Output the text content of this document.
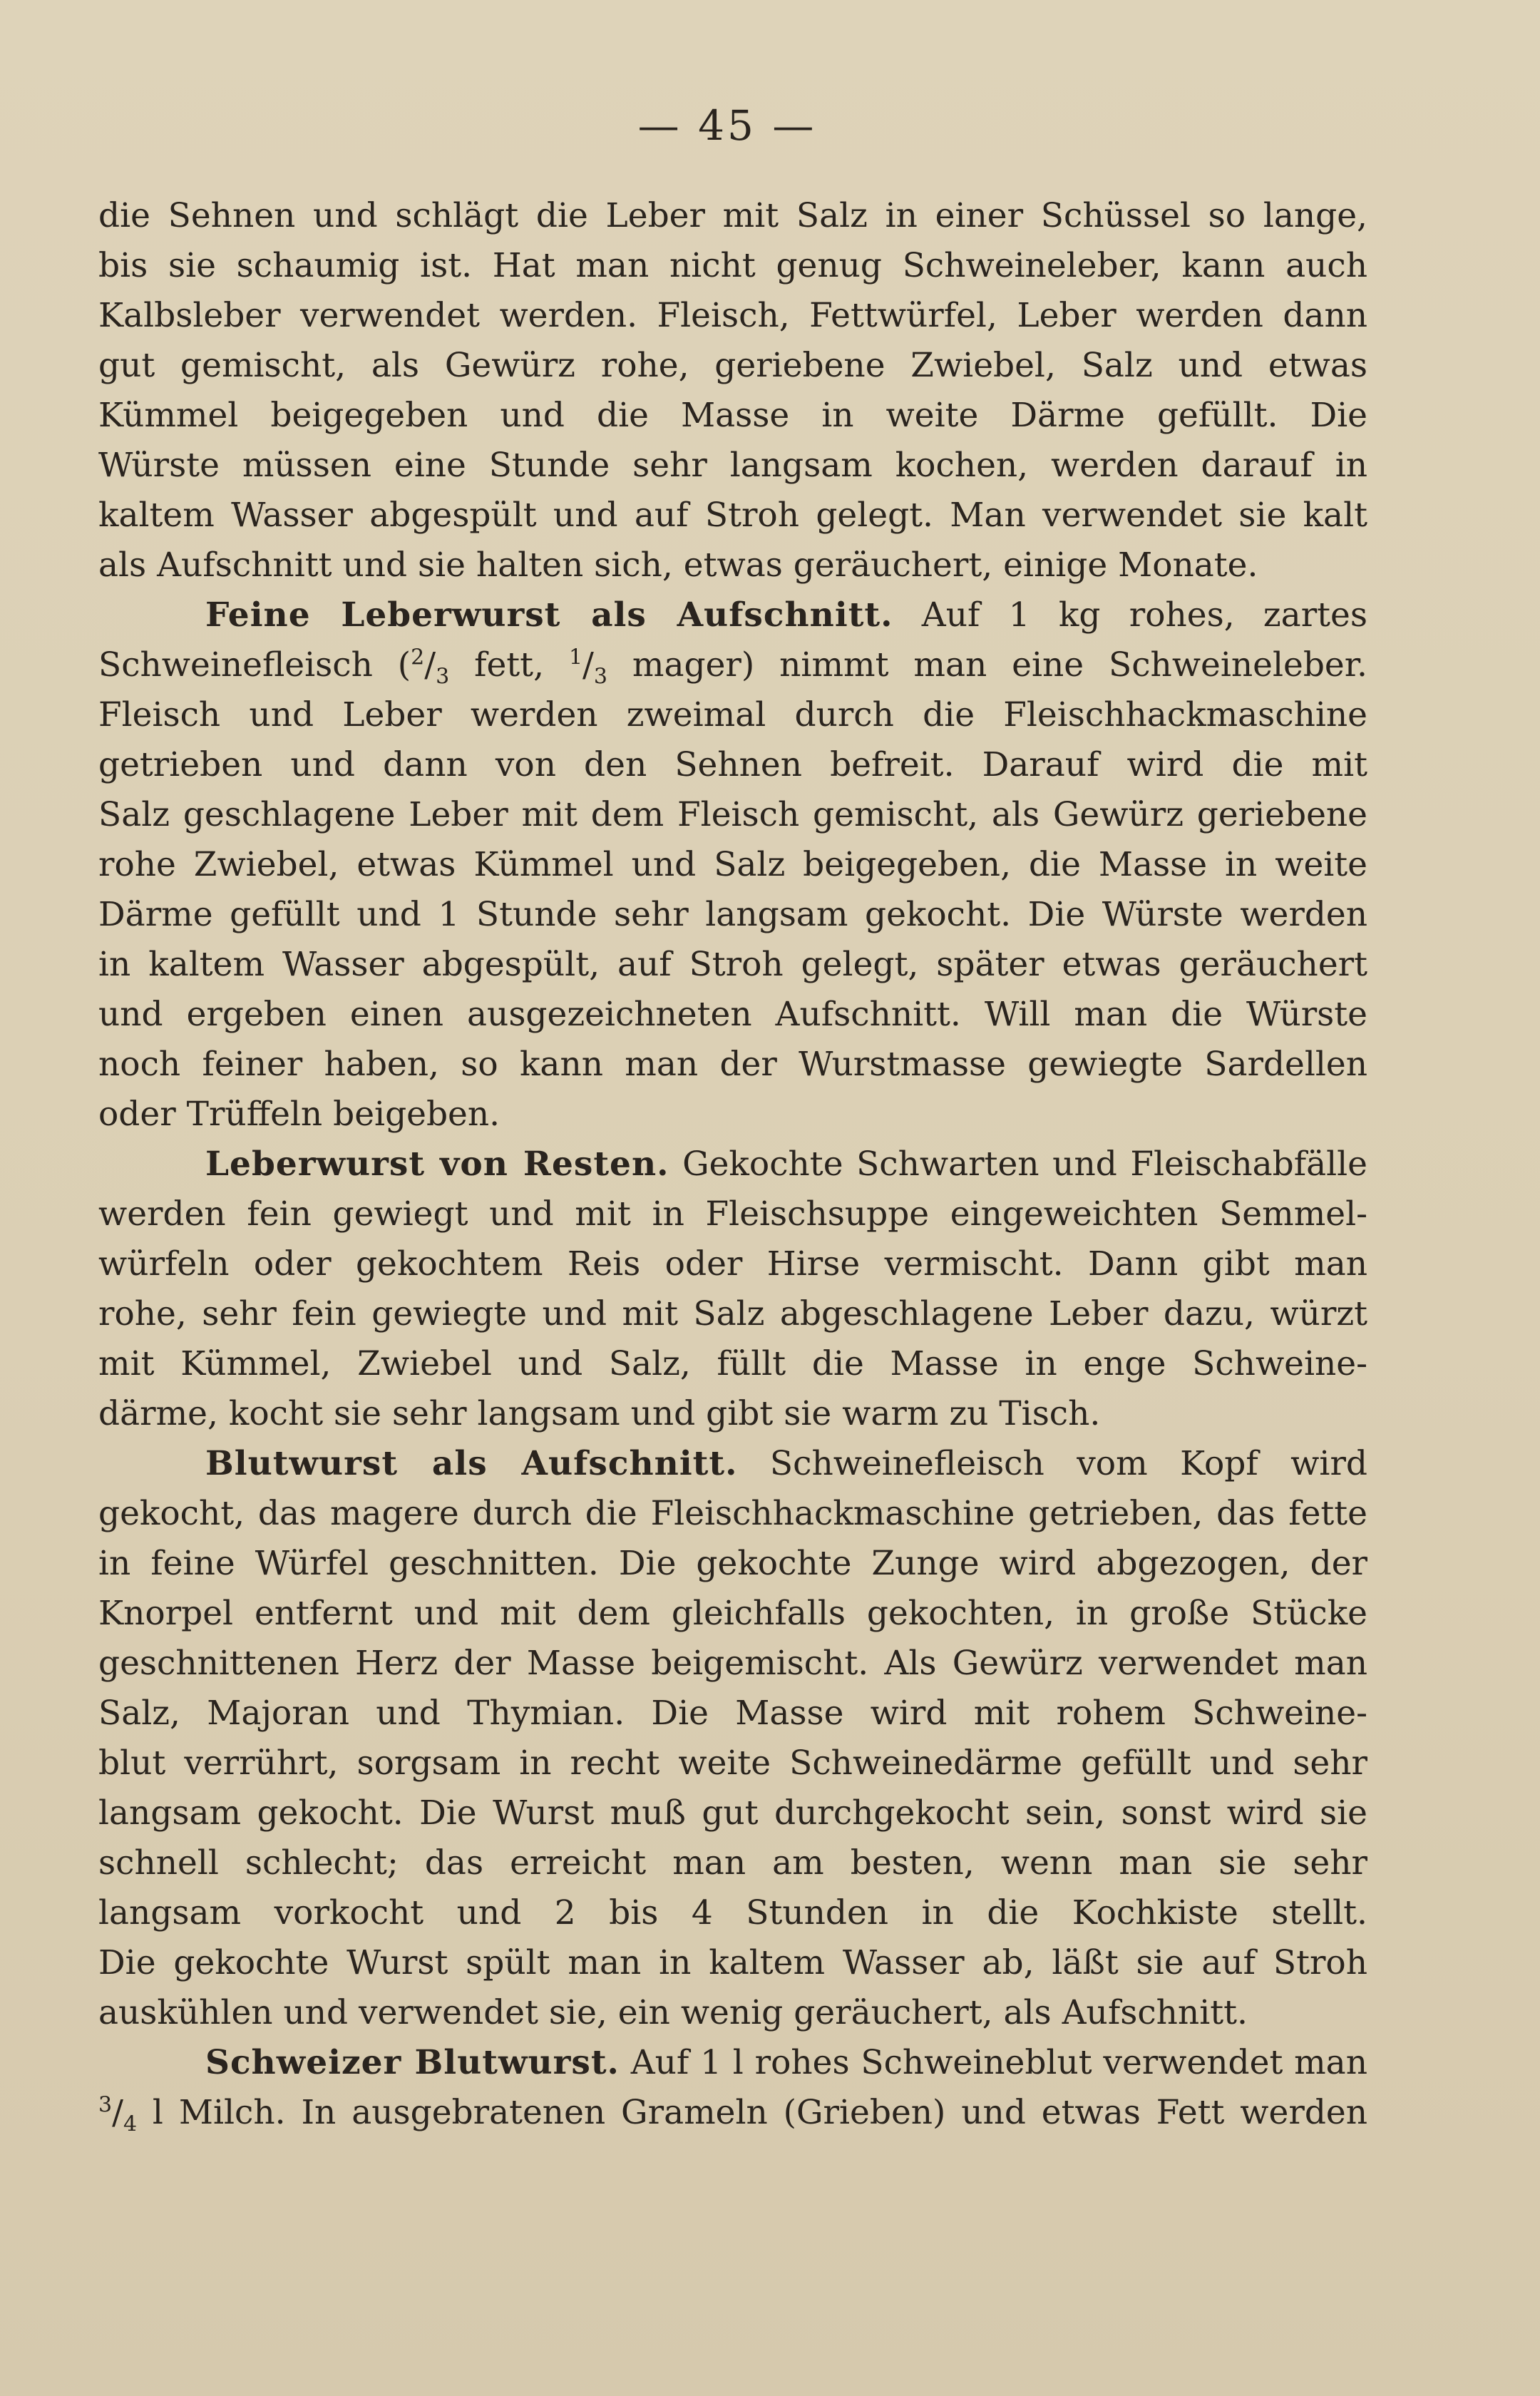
— 45 —
die Sehnen und schlägt die Leber mit Salz in einer Schüssel so lange,
bis sie schaumig ist. Hat man nicht genug Schweineleber, kann auch
Kalbsleber verwendet werden. Fleisch, Fettwürfel, Leber werden dann
gut gemischt, als Gewürz rohe, geriebene Zwiebel, Salz und etwas
Kümmel beigegeben und die Masse in weite Därme gefüllt. Die
Würste müssen eine Stunde sehr langsam kochen, werden darauf in
kaltem Wasser abgespült und auf Stroh gelegt. Man verwendet sie kalt
als Aufschnitt und sie halten sich, etwas geräuchert, einige Monate.
Feine Leberwurst als Aufschnitt. Auf 1 kg rohes, zartes
Schweinefleisch ($^2/_3$ fett, $^1/_3$ mager) nimmt man eine Schweineleber.
Fleisch und Leber werden zweimal durch die Fleischhackmaschine
getrieben und dann von den Sehnen befreit. Darauf wird die mit
Salz geschlagene Leber mit dem Fleisch gemischt, als Gewürz geriebene
rohe Zwiebel, etwas Kümmel und Salz beigegeben, die Masse in weite
Därme gefüllt und 1 Stunde sehr langsam gekocht. Die Würste werden
in kaltem Wasser abgespült, auf Stroh gelegt, später etwas geräuchert
und ergeben einen ausgezeichneten Aufschnitt. Will man die Würste
noch feiner haben, so kann man der Wurstmasse gewiegte Sardellen
oder Trüffeln beigeben.
Leberwurst von Resten. Gekochte Schwarten und Fleischabfälle
werden fein gewiegt und mit in Fleischsuppe eingeweichten Semmel-
würfeln oder gekochtem Reis oder Hirse vermischt. Dann gibt man
rohe, sehr fein gewiegte und mit Salz abgeschlagene Leber dazu, würzt
mit Kümmel, Zwiebel und Salz, füllt die Masse in enge Schweine-
därme, kocht sie sehr langsam und gibt sie warm zu Tisch.
Blutwurst als Aufschnitt. Schweinefleisch vom Kopf wird
gekocht, das magere durch die Fleischhackmaschine getrieben, das fette
in feine Würfel geschnitten. Die gekochte Zunge wird abgezogen, der
Knorpel entfernt und mit dem gleichfalls gekochten, in große Stücke
geschnittenen Herz der Masse beigemischt. Als Gewürz verwendet man
Salz, Majoran und Thymian. Die Masse wird mit rohem Schweine-
blut verrührt, sorgsam in recht weite Schweinedärme gefüllt und sehr
langsam gekocht. Die Wurst muß gut durchgekocht sein, sonst wird sie
schnell schlecht; das erreicht man am besten, wenn man sie sehr
langsam vorkocht und 2 bis 4 Stunden in die Kochkiste stellt.
Die gekochte Wurst spült man in kaltem Wasser ab, läßt sie auf Stroh
auskühlen und verwendet sie, ein wenig geräuchert, als Aufschnitt.
Schweizer Blutwurst. Auf 1 l rohes Schweineblut verwendet man
$^3/_4$ l Milch. In ausgebratenen Grameln (Grieben) und etwas Fett werden
